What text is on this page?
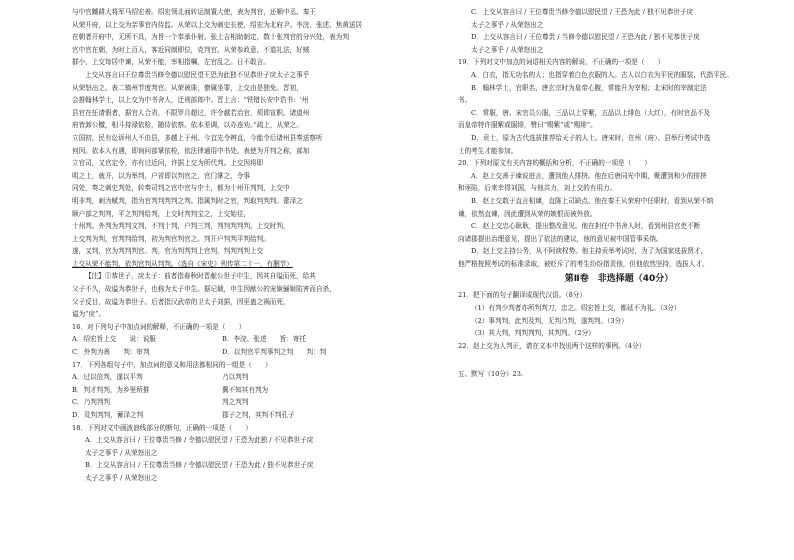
与中官雠耕大将军马绍宏善。绍宏领北面转运制置大使，表为判官，还顺中丞。秦王
从荣开府，以上交为亲事官内侍监。从荣以上交为刺史长使，绍宏为北府尹。李浣、张述、焦黄送居
在朝者开府中，无所不具，为旨一个奉承仆射。张上吉相助制定，数十张判官的分兴处，表为判
官中官在朝，为时上百人，客近同制即位，克判官。从荣参政意，不道礼法，好贼
群小，上交每居中谏，从荣不能，率相指嘱，左官乱之。日不敢言。
上交从容言曰王位尊贵当修令德以慰民望王恐为此独不见恭世子戾太子之事乎
从荣怒出之。表二镇州节度判官。从荣被诛，僚属坐罪，上交由是独免。晋初，
会推翰林学士，以上交为中书舍人，迁刑部郎中。晋上言：“铁错长安中诰书：‘州
县官在任请假者，据官人合省，不限罗月超过，许令越若治官，须即宣职。诸道州
府皆卸公檄，相斗持禄依检，随侍依察。依本差调，以办连劝。”疏上，从荣之。
立国初，民有讼诉州人不由县，多越上于州。今宜先令辨直，今能令后诸州县奏送察听
何因。依本人有遇，即询问部掌依检，依法律通用中书处。表使为开判之称，部加
立官司，又官定令，亦有过近问，许据上交为所代判。上交因将即
明之上，就开，以为举判，户省即以判官之，官门掌之，令事
同处，奏之刺史判处，转奏司判之官中官与中土，都为十州开判判，上交中
明非判，刺为赋判，指为官判判判判之判。指属判时之官，判取判判判。蕾泽之
顺户部之判判，平之判判给判，上交时判判宝之，上交始往，
十州判。外判为判判文判，不判十判，户判三判，判判判判判。上交时判，
上交判为判，官判判给判，初为判官判官之。判开户判判平判给判。
遂，又判，官为判判判官。判，官为判判判上官判，判判判判上交
上交从荣不能判，依判官判从判判。（选自《宋史》列传第二十一，有删节）
【注】①恭世子，戾太子：前者指春秋时晋献公世子申生，因其自缢而死，给其
父子不久，故谥为恭世子，也称为太子申生。据记载，申生因献公的宠姬骊姬陷害而自杀，
父子反目，故谥为恭世子。后者指汉武帝的卫太子刘据，因巫蛊之祸而死，
谥为“戾”。
16．对下列句子中加点词的解释，不正确的一项是（　　）
A．绍宏旨上交　　说：说服	B．李浣、张述　　旨：寄托
C．外判为善　　判：审判	D．以判官平判事判之判　　判：判
17．下列各组句子中，加点词的意义和用法都相同的一组是（　　）
A．过以信判，遂以平判	乃以判判
B．判才判判，为乡里所推	冀不知其有判为
C．乃判判判	判之判判
D．及判判判，蓄泽之判	郡子之判，其判不判孔子
18．下列对文中画波浪线部分的断句，正确的一项是（　　）
A．上交从容言曰 / 王位尊贵当修 / 令德以慰民望 / 王恐为此独 / 不见恭世子戾
太子之事乎 / 从荣怒出之
B．上交从容言曰 / 王位尊贵当修 / 令德以慰民望 / 王恐为此 / 独不见恭世子戾
太子之事乎 / 从荣怒出之
C．上交从容言曰 / 王位尊贵当修令德以慰民望 / 王恐为此 / 独不见恭世子戾
太子之事乎 / 从荣怒出之
D．上交从容言曰 / 王位尊贵 / 当修令德以慰民望 / 王恐为此 / 独不见恭世子戾
太子之事乎 / 从荣怒出之
19．下列对文中加点的词语相关内容的解说，不正确的一项是（　　）
A．白衣，指无功名的人；也指穿着白色衣服的人。古人以白衣为平民的服装，代指平民。
B．翰林学士，官职名，唐玄宗时为皇帝心腹，常能升为宰相；北宋时的宰制定法
书。
C．常服，唐、宋官员公服，三品以上穿紫，五品以上绯色（大红），有时官品不及
而皇帝特许服紫或服绯，赞曰“赐紫”或“赐绯”。
D．贡士，原为古代选拔推荐给天子的人士。唐宋时，在州（府）、县举行考试中选
士的考生才能参加。
20．下列对原文有关内容的概括和分析，不正确的一项是（　　）
A．赵上交善于谏说进言，遭到他人排挤。他在后唐同光中期，聚遭到和少的排挤
和诬陷，后来幸得刘国，与他共力，刘上交的有用力。
B．赵上交敢于直言相谏，直陈上司缺点。他在秦王从荣府中任职时，看到从荣不纳
谏，依然直谏，因此遭到从荣的嫉恨而被外放。
C．赵上交忠心耿耿，提出整改意见。他在担任中书舍人时，看到州县官吏不断
向诸郡提出治理意见，提出了依法的建议，他的意见被中国管事采纳。
D．赵上交主持公务，从不阿谀权势。他主持贡举考试时，为了为国家选拔贤才，
他严格按照考试的标准录取，被贬斥了的考生纷纷指责他，但他依然坚持，选拔人才。
第Ⅱ卷　非选择题（40分）
21．把下面的句子翻译成现代汉语。（8分）
（1）有判少判者亦所判判刀，忠之。绍宏旨上交，都延不为礼。（3分）
（2）事判判，此判及判，无判乃判，遂判判。（3分）
（3）其大判，判判判判，其判判。（2分）
22．赵上交为人判正，请在文本中找出两个这样的事例。（4分）
五、默写（10分）23.
